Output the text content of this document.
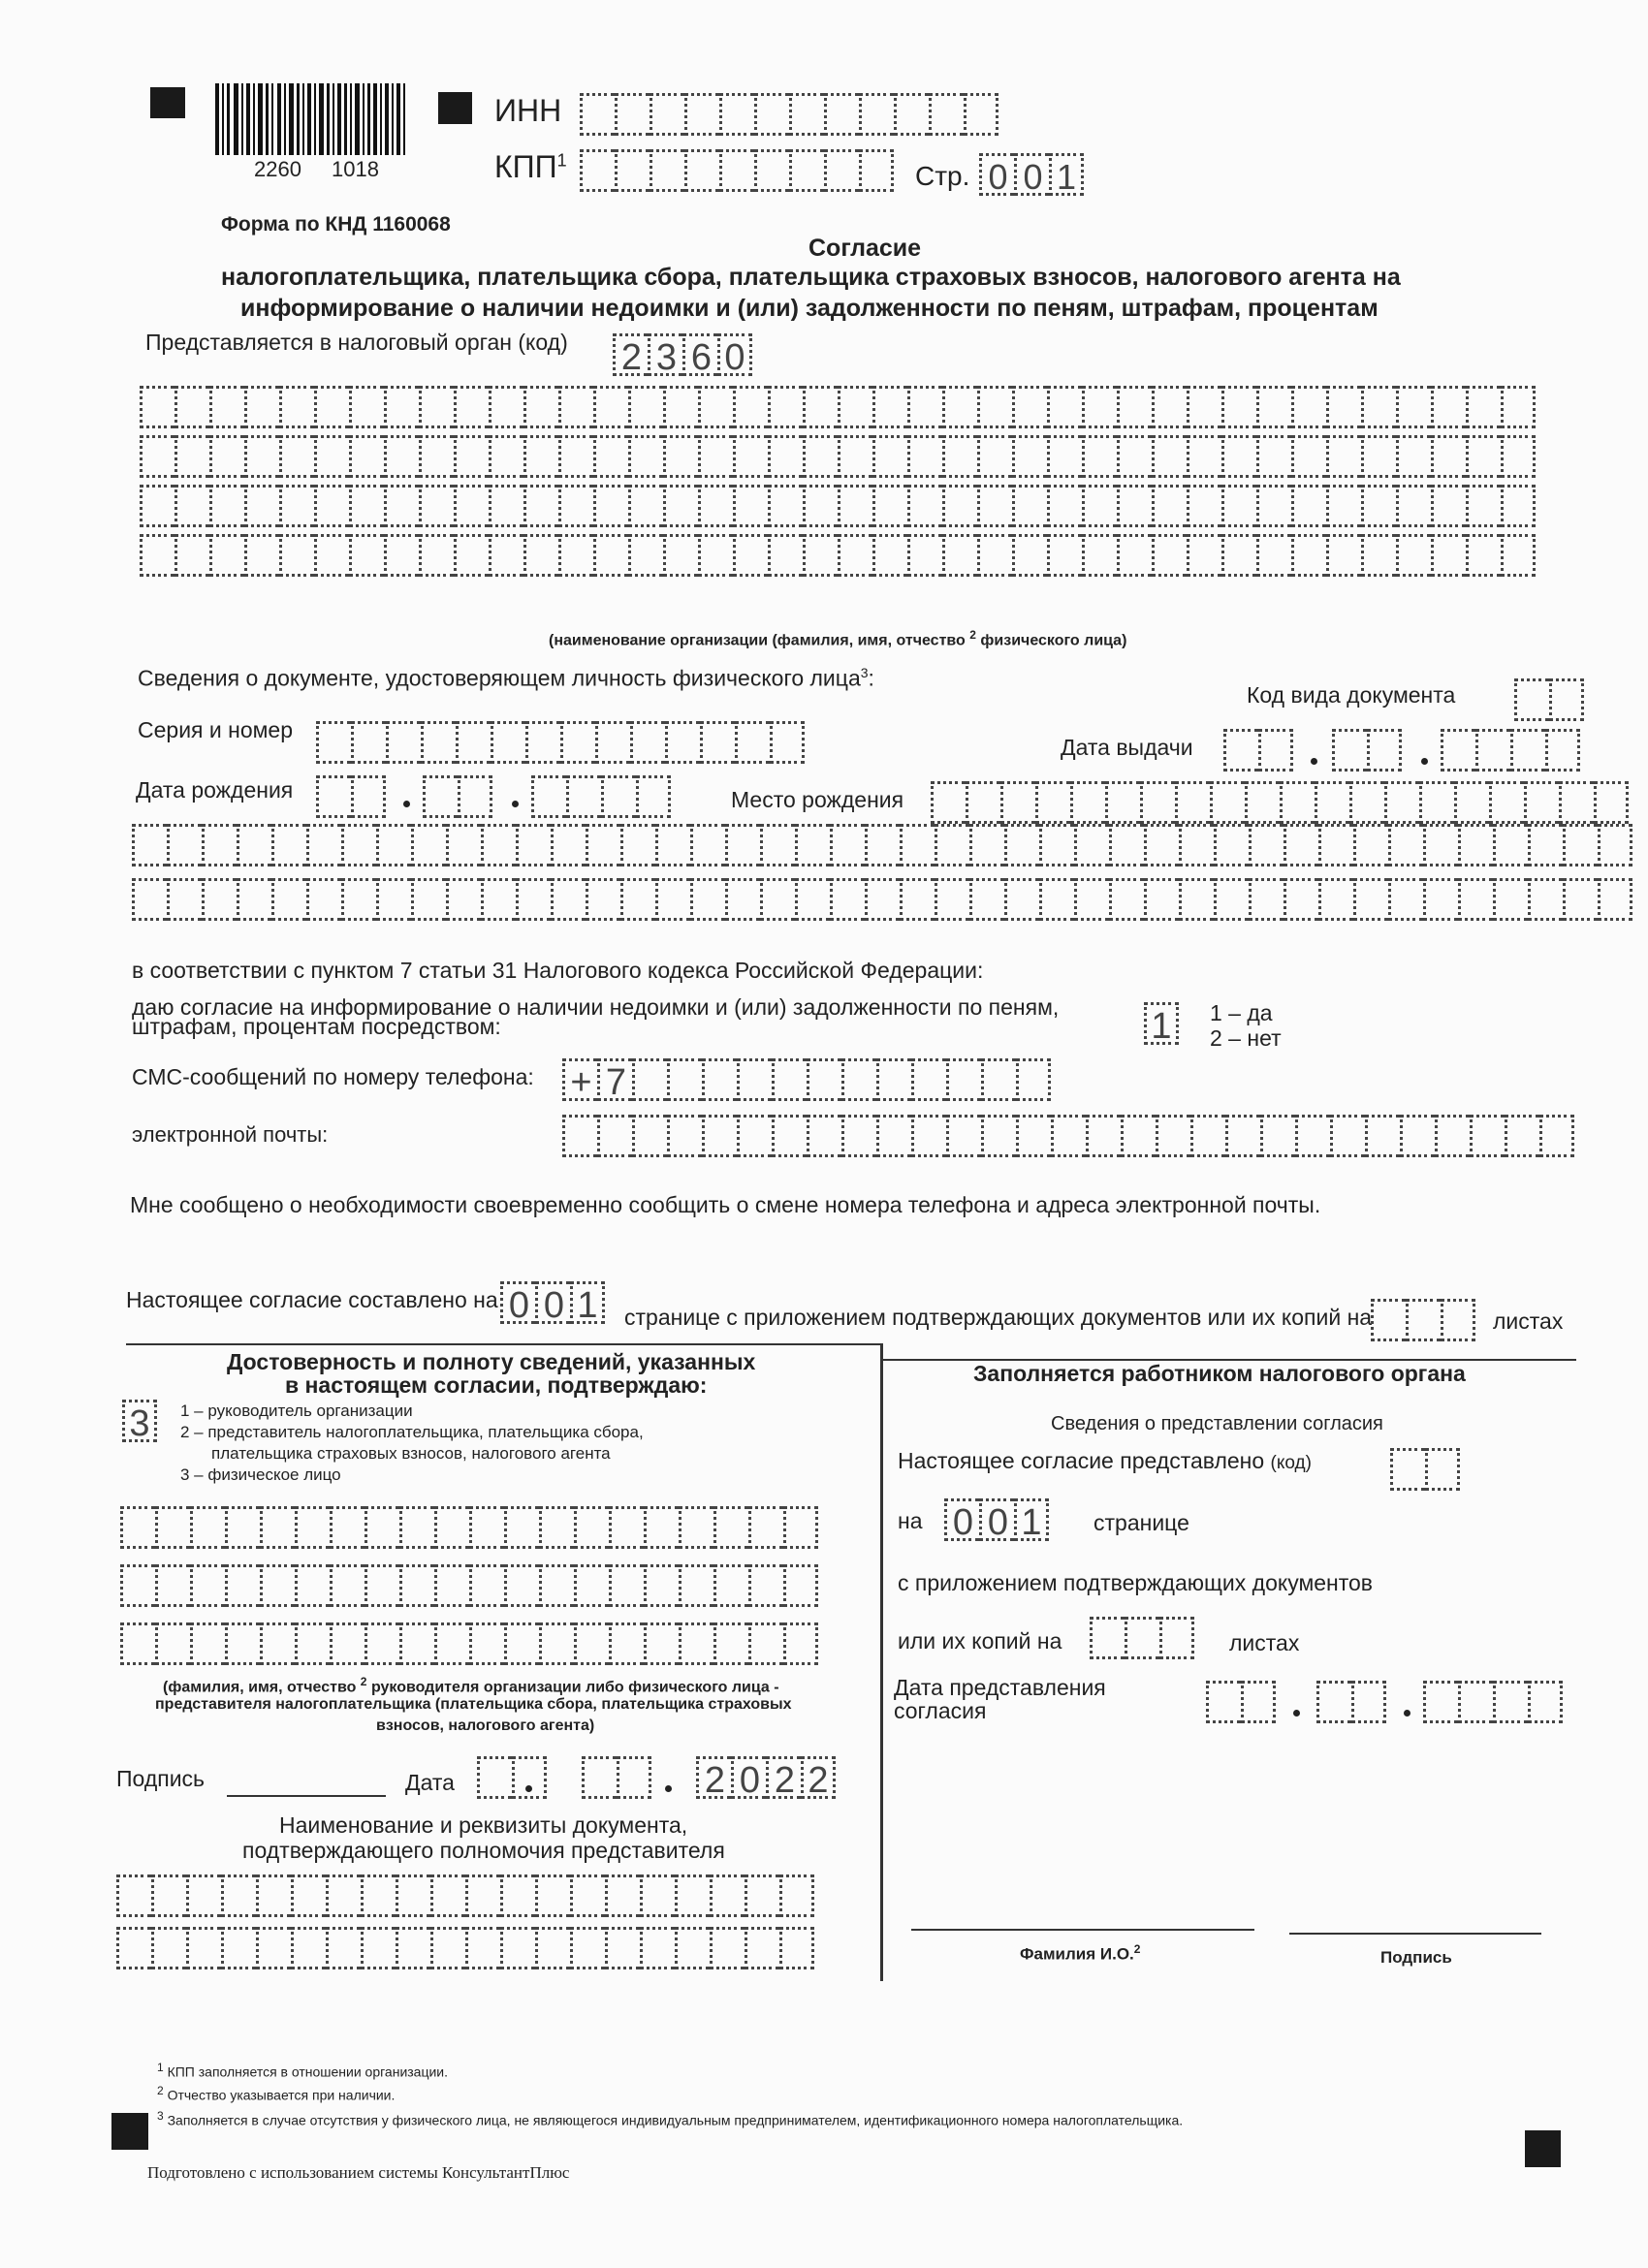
2260 1018
ИНН
КПП$^1$
Стр. 0 0 1
Форма по КНД 1160068
Согласие
налогоплательщика, плательщика сбора, плательщика страховых взносов, налогового агента на
информирование о наличии недоимки и (или) задолженности по пеням, штрафам, процентам
Представляется в налоговый орган (код) 2 3 6 0
(наименование организации (фамилия, имя, отчество $^2$ физического лица)
Сведения о документе, удостоверяющем личность физического лица$^3$:
Код вида документа
Серия и номер
Дата выдачи
Дата рождения	Место рождения
в соответствии с пунктом 7 статьи 31 Налогового кодекса Российской Федерации:
даю согласие на информирование о наличии недоимки и (или) задолженности по пеням,
штрафам, процентам посредством:	1	1 – да
2 – нет
СМС-сообщений по номеру телефона: + 7
электронной почты:
Мне сообщено о необходимости своевременно сообщить о смене номера телефона и адреса электронной почты.
Настоящее согласие составлено на 0 0 1	странице с приложением подтверждающих документов или их копий на	листах
Достоверность и полноту сведений, указанных
в настоящем согласии, подтверждаю:
3	1 – руководитель организации
2 – представитель налогоплательщика, плательщика сбора,
плательщика страховых взносов, налогового агента
3 – физическое лицо
(фамилия, имя, отчество $^2$ руководителя организации либо физического лица -
представителя налогоплательщика (плательщика сбора, плательщика страховых
взносов, налогового агента)
Подпись	Дата	2 0 2 2
Наименование и реквизиты документа,
подтверждающего полномочия представителя
Заполняется работником налогового органа
Сведения о представлении согласия
Настоящее согласие представлено (код)
на 0 0 1	странице
с приложением подтверждающих документов
или их копий на	листах
Дата представления
согласия
Фамилия И.О.$^2$	Подпись
$^1$ КПП заполняется в отношении организации.
$^2$ Отчество указывается при наличии.
$^3$ Заполняется в случае отсутствия у физического лица, не являющегося индивидуальным предпринимателем, идентификационного номера налогоплательщика.
Подготовлено с использованием системы КонсультантПлюс
